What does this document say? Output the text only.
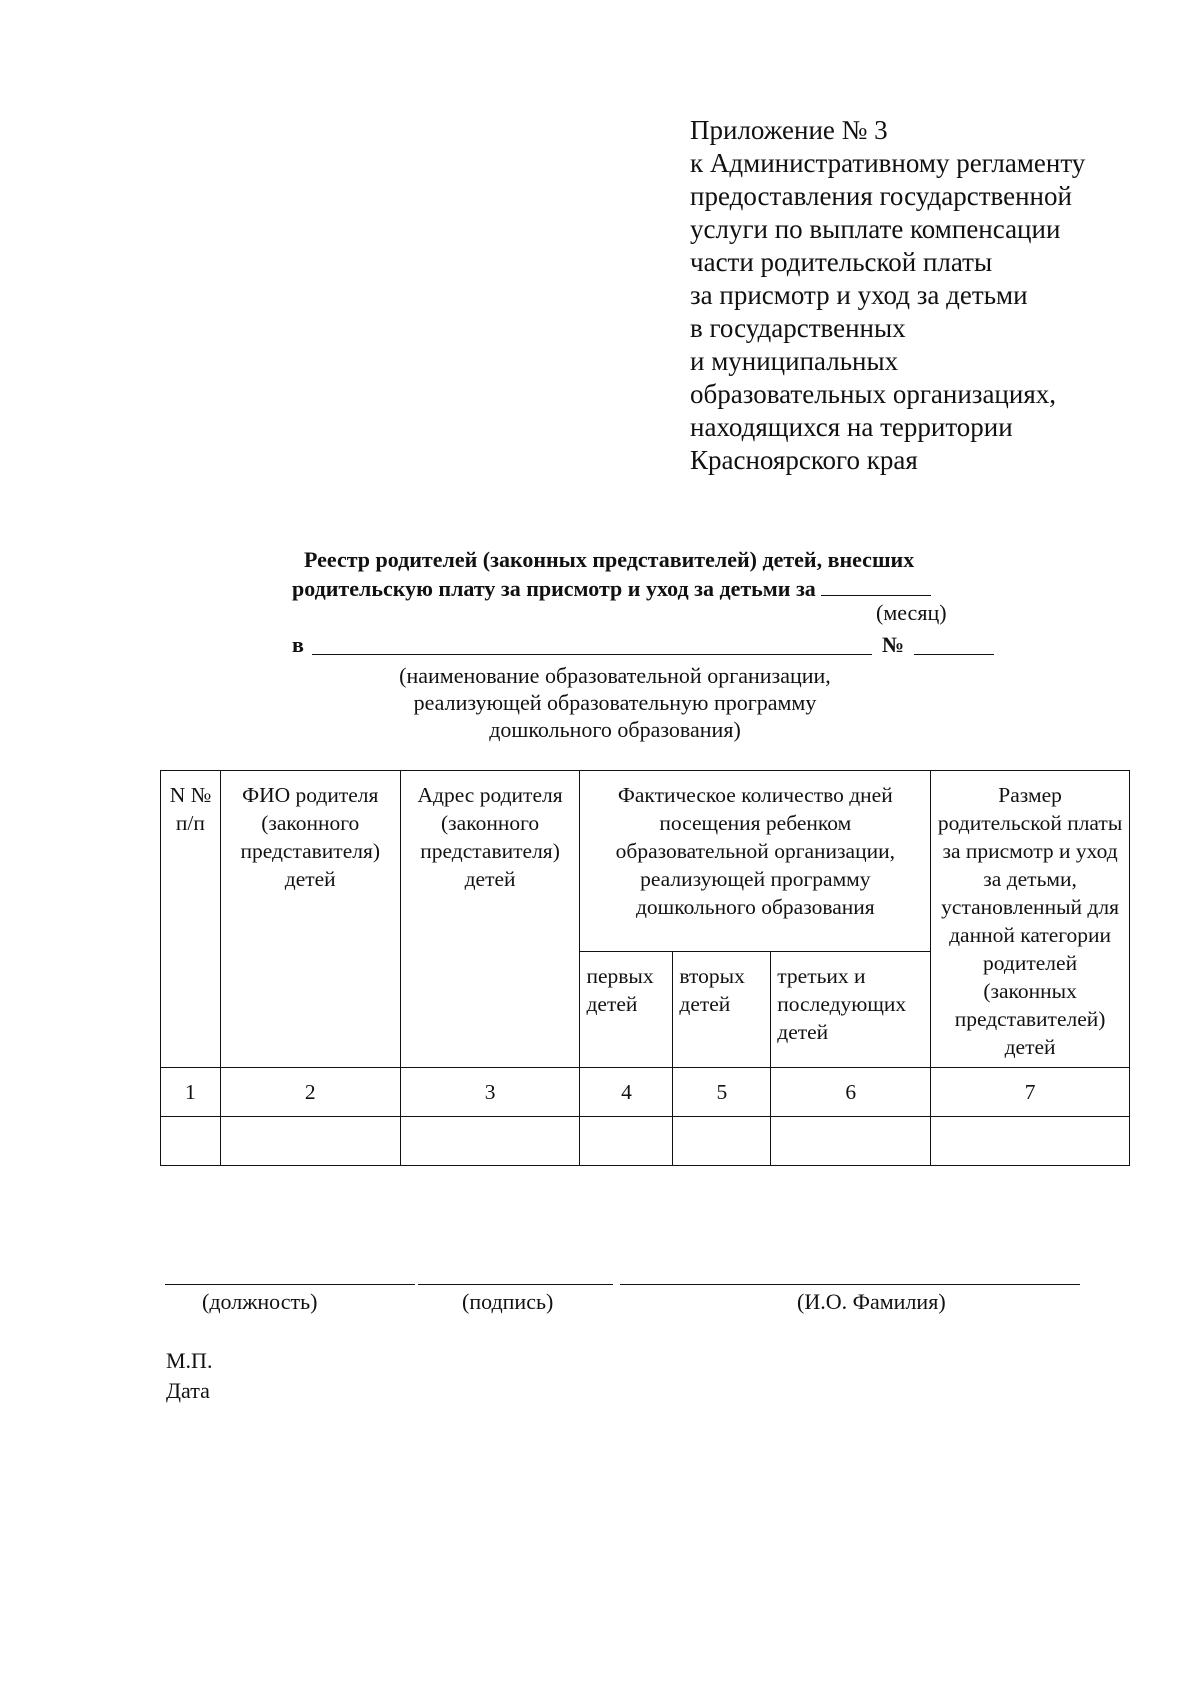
Приложение № 3
к Административному регламенту
предоставления государственной
услуги по выплате компенсации
части родительской платы
за присмотр и уход за детьми
в государственных
и муниципальных
образовательных организациях,
находящихся на территории
Красноярского края
Реестр родителей (законных представителей) детей, внесших
родительскую плату за присмотр и уход за детьми за
(месяц)
в	№
(наименование образовательной организации,
реализующей образовательную программу
дошкольного образования)
N № п/п	ФИО родителя (законного представителя) детей	Адрес родителя (законного представителя) детей	Фактическое количество дней посещения ребенком образовательной организации, реализующей программу дошкольного образования			Размер родительской платы за присмотр и уход за детьми, установленный для данной категории родителей (законных представителей) детей
			первых детей	вторых детей	третьих и последующих детей	
1	2	3	4	5	6	7

(должность)	(подпись)	(И.О. Фамилия)
М.П.
Дата
